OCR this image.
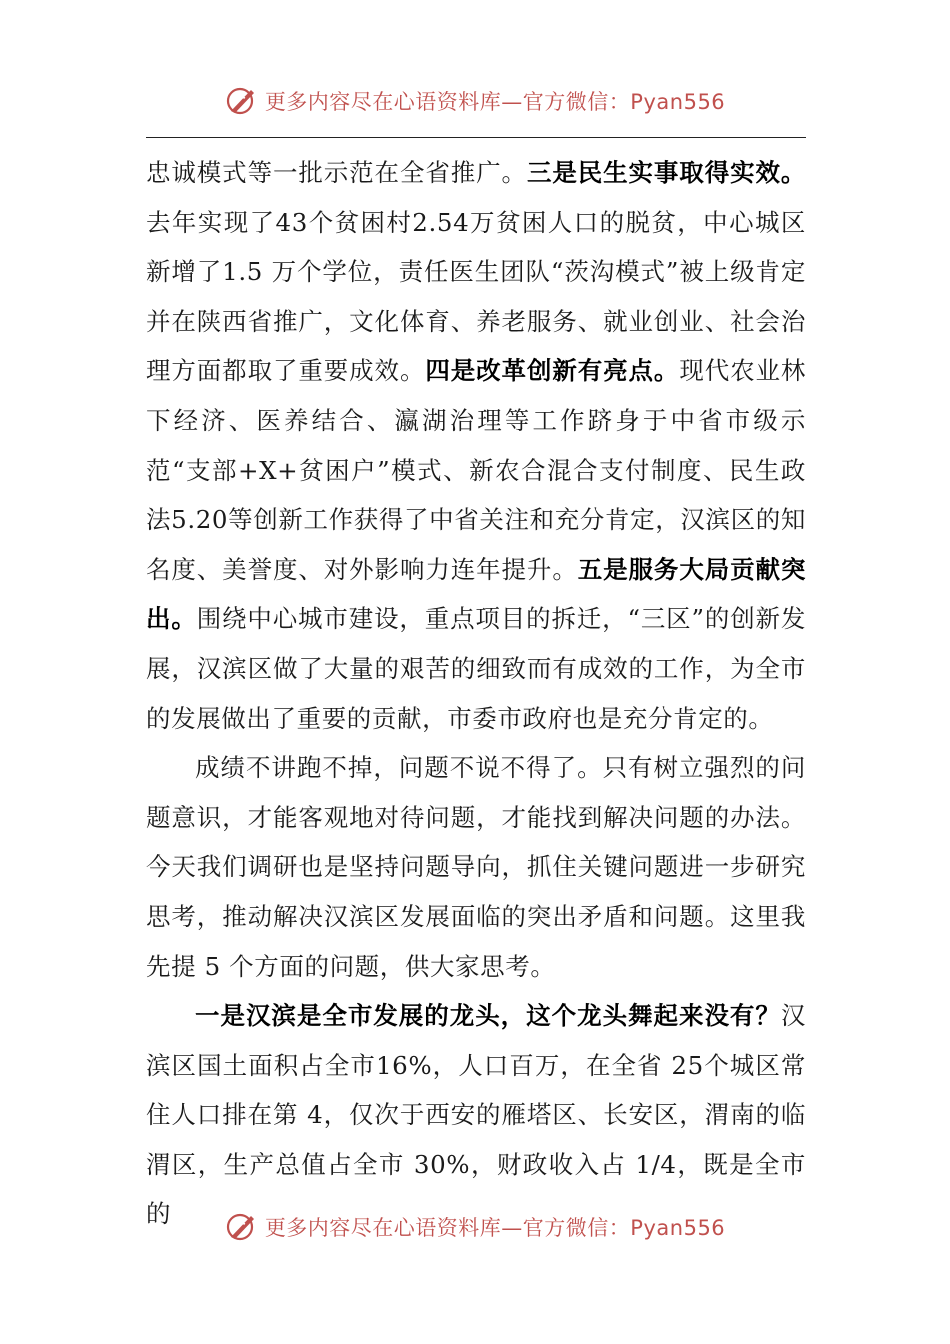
更多内容尽在心语资料库—官方微信：Pyan556

忠诚模式等一批示范在全省推广。三是民生实事取得实效。去年实现了43个贫困村2.54万贫困人口的脱贫，中心城区新增了1.5 万个学位，责任医生团队“茨沟模式”被上级肯定并在陕西省推广，文化体育、养老服务、就业创业、社会治理方面都取了重要成效。四是改革创新有亮点。现代农业林下经济、医养结合、瀛湖治理等工作跻身于中省市级示范“支部+X+贫困户”模式、新农合混合支付制度、民生政法5.20等创新工作获得了中省关注和充分肯定，汉滨区的知名度、美誉度、对外影响力连年提升。五是服务大局贡献突出。围绕中心城市建设，重点项目的拆迁，“三区”的创新发展，汉滨区做了大量的艰苦的细致而有成效的工作，为全市的发展做出了重要的贡献，市委市政府也是充分肯定的。

成绩不讲跑不掉，问题不说不得了。只有树立强烈的问题意识，才能客观地对待问题，才能找到解决问题的办法。今天我们调研也是坚持问题导向，抓住关键问题进一步研究思考，推动解决汉滨区发展面临的突出矛盾和问题。这里我先提 5 个方面的问题，供大家思考。

一是汉滨是全市发展的龙头，这个龙头舞起来没有？汉滨区国土面积占全市16%，人口百万，在全省 25个城区常住人口排在第 4，仅次于西安的雁塔区、长安区，渭南的临渭区，生产总值占全市 30%，财政收入占 1/4，既是全市的	更多内容尽在心语资料库—官方微信：Pyan556
